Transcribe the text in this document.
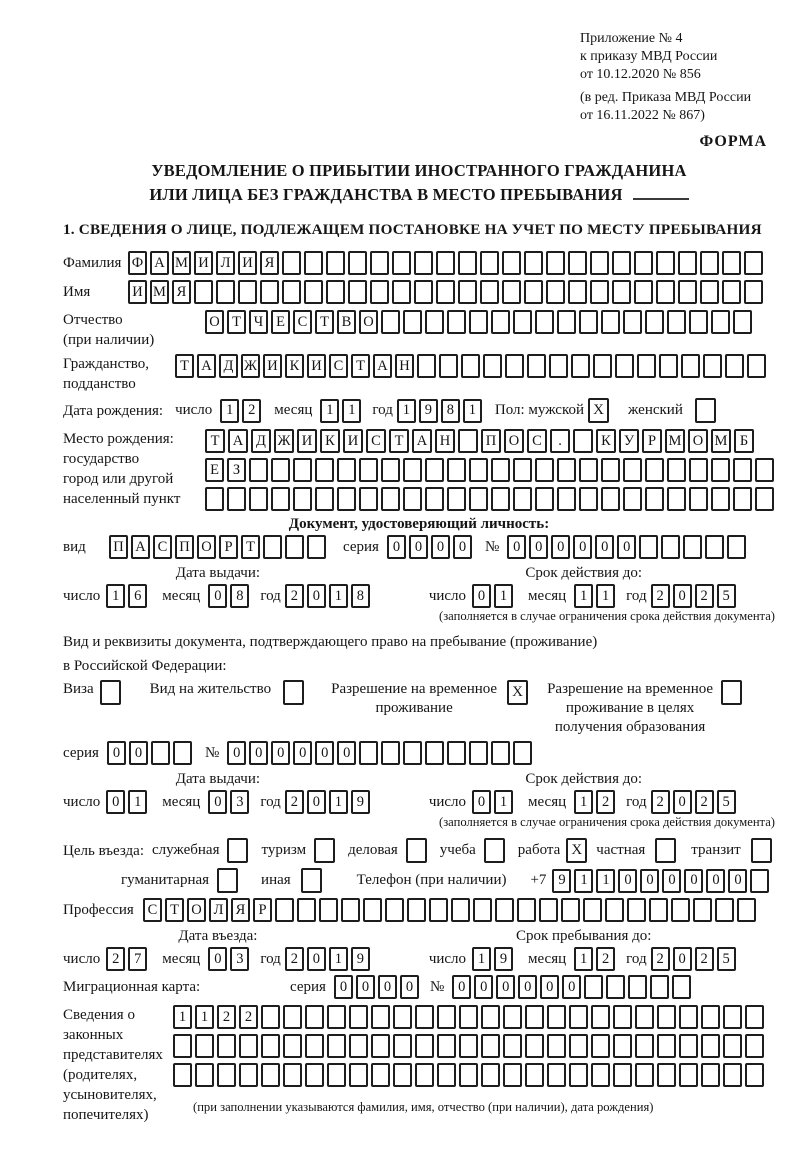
Приложение № 4
к приказу МВД России
от 10.12.2020 № 856
(в ред. Приказа МВД России
от 16.11.2022 № 867)
ФОРМА
УВЕДОМЛЕНИЕ О ПРИБЫТИИ ИНОСТРАННОГО ГРАЖДАНИНА
ИЛИ ЛИЦА БЕЗ ГРАЖДАНСТВА В МЕСТО ПРЕБЫВАНИЯ
1. СВЕДЕНИЯ О ЛИЦЕ, ПОДЛЕЖАЩЕМ ПОСТАНОВКЕ НА УЧЕТ ПО МЕСТУ ПРЕБЫВАНИЯ
Фамилия Ф А М И Л И Я
Имя	И М Я
Отчество
(при наличии)
О Т Ч Е С Т В О
Гражданство,
подданство
Т А Д Ж И К И С Т А Н
Дата рождения: число 1	2	месяц 1	1	год 1	9	8	1	Пол: мужской X	женский
Место рождения:
государство
город или другой
населенный пункт
Т А Д Ж И К И С Т А Н	П О С	.	К У Р М О М Б
Е З
Документ, удостоверяющий личность:
вид	П А С П О Р Т	серия 0	0	0	0	№ 0	0	0	0	0	0
Дата выдачи:
число 1	6	месяц 0	8	год 2	0	1	8
Срок действия до:
число 0	1	месяц 1	1	год 2	0	2	5
(заполняется в случае ограничения срока действия документа)
Вид и реквизиты документа, подтверждающего право на пребывание (проживание)
в Российской Федерации:
Виза	Вид на жительство	Разрешение на временное
проживание
X	Разрешение на временное
проживание в целях
получения образования
серия 0	0	№ 0	0	0	0	0	0
Дата выдачи:
число 0	1	месяц 0	3	год 2	0	1	9
Срок действия до:
число 0	1	месяц 1	2	год 2	0	2	5
(заполняется в случае ограничения срока действия документа)
Цель въезда: служебная	туризм	деловая	учеба	работа X частная	транзит
гуманитарная	иная	Телефон (при наличии) +7 9	1	1	0	0	0	0	0	0
Профессия С Т О Л Я Р
Дата въезда:
число 2	7	месяц 0	3	год 2	0	1	9
Срок пребывания до:
число 1	9	месяц 1	2	год 2	0	2	5
Миграционная карта:	серия 0	0	0	0	№ 0	0	0	0	0	0
Сведения о
законных
представителях
(родителях,
усыновителях,
попечителях)
1	1	2	2
(при заполнении указываются фамилия, имя, отчество (при наличии), дата рождения)
